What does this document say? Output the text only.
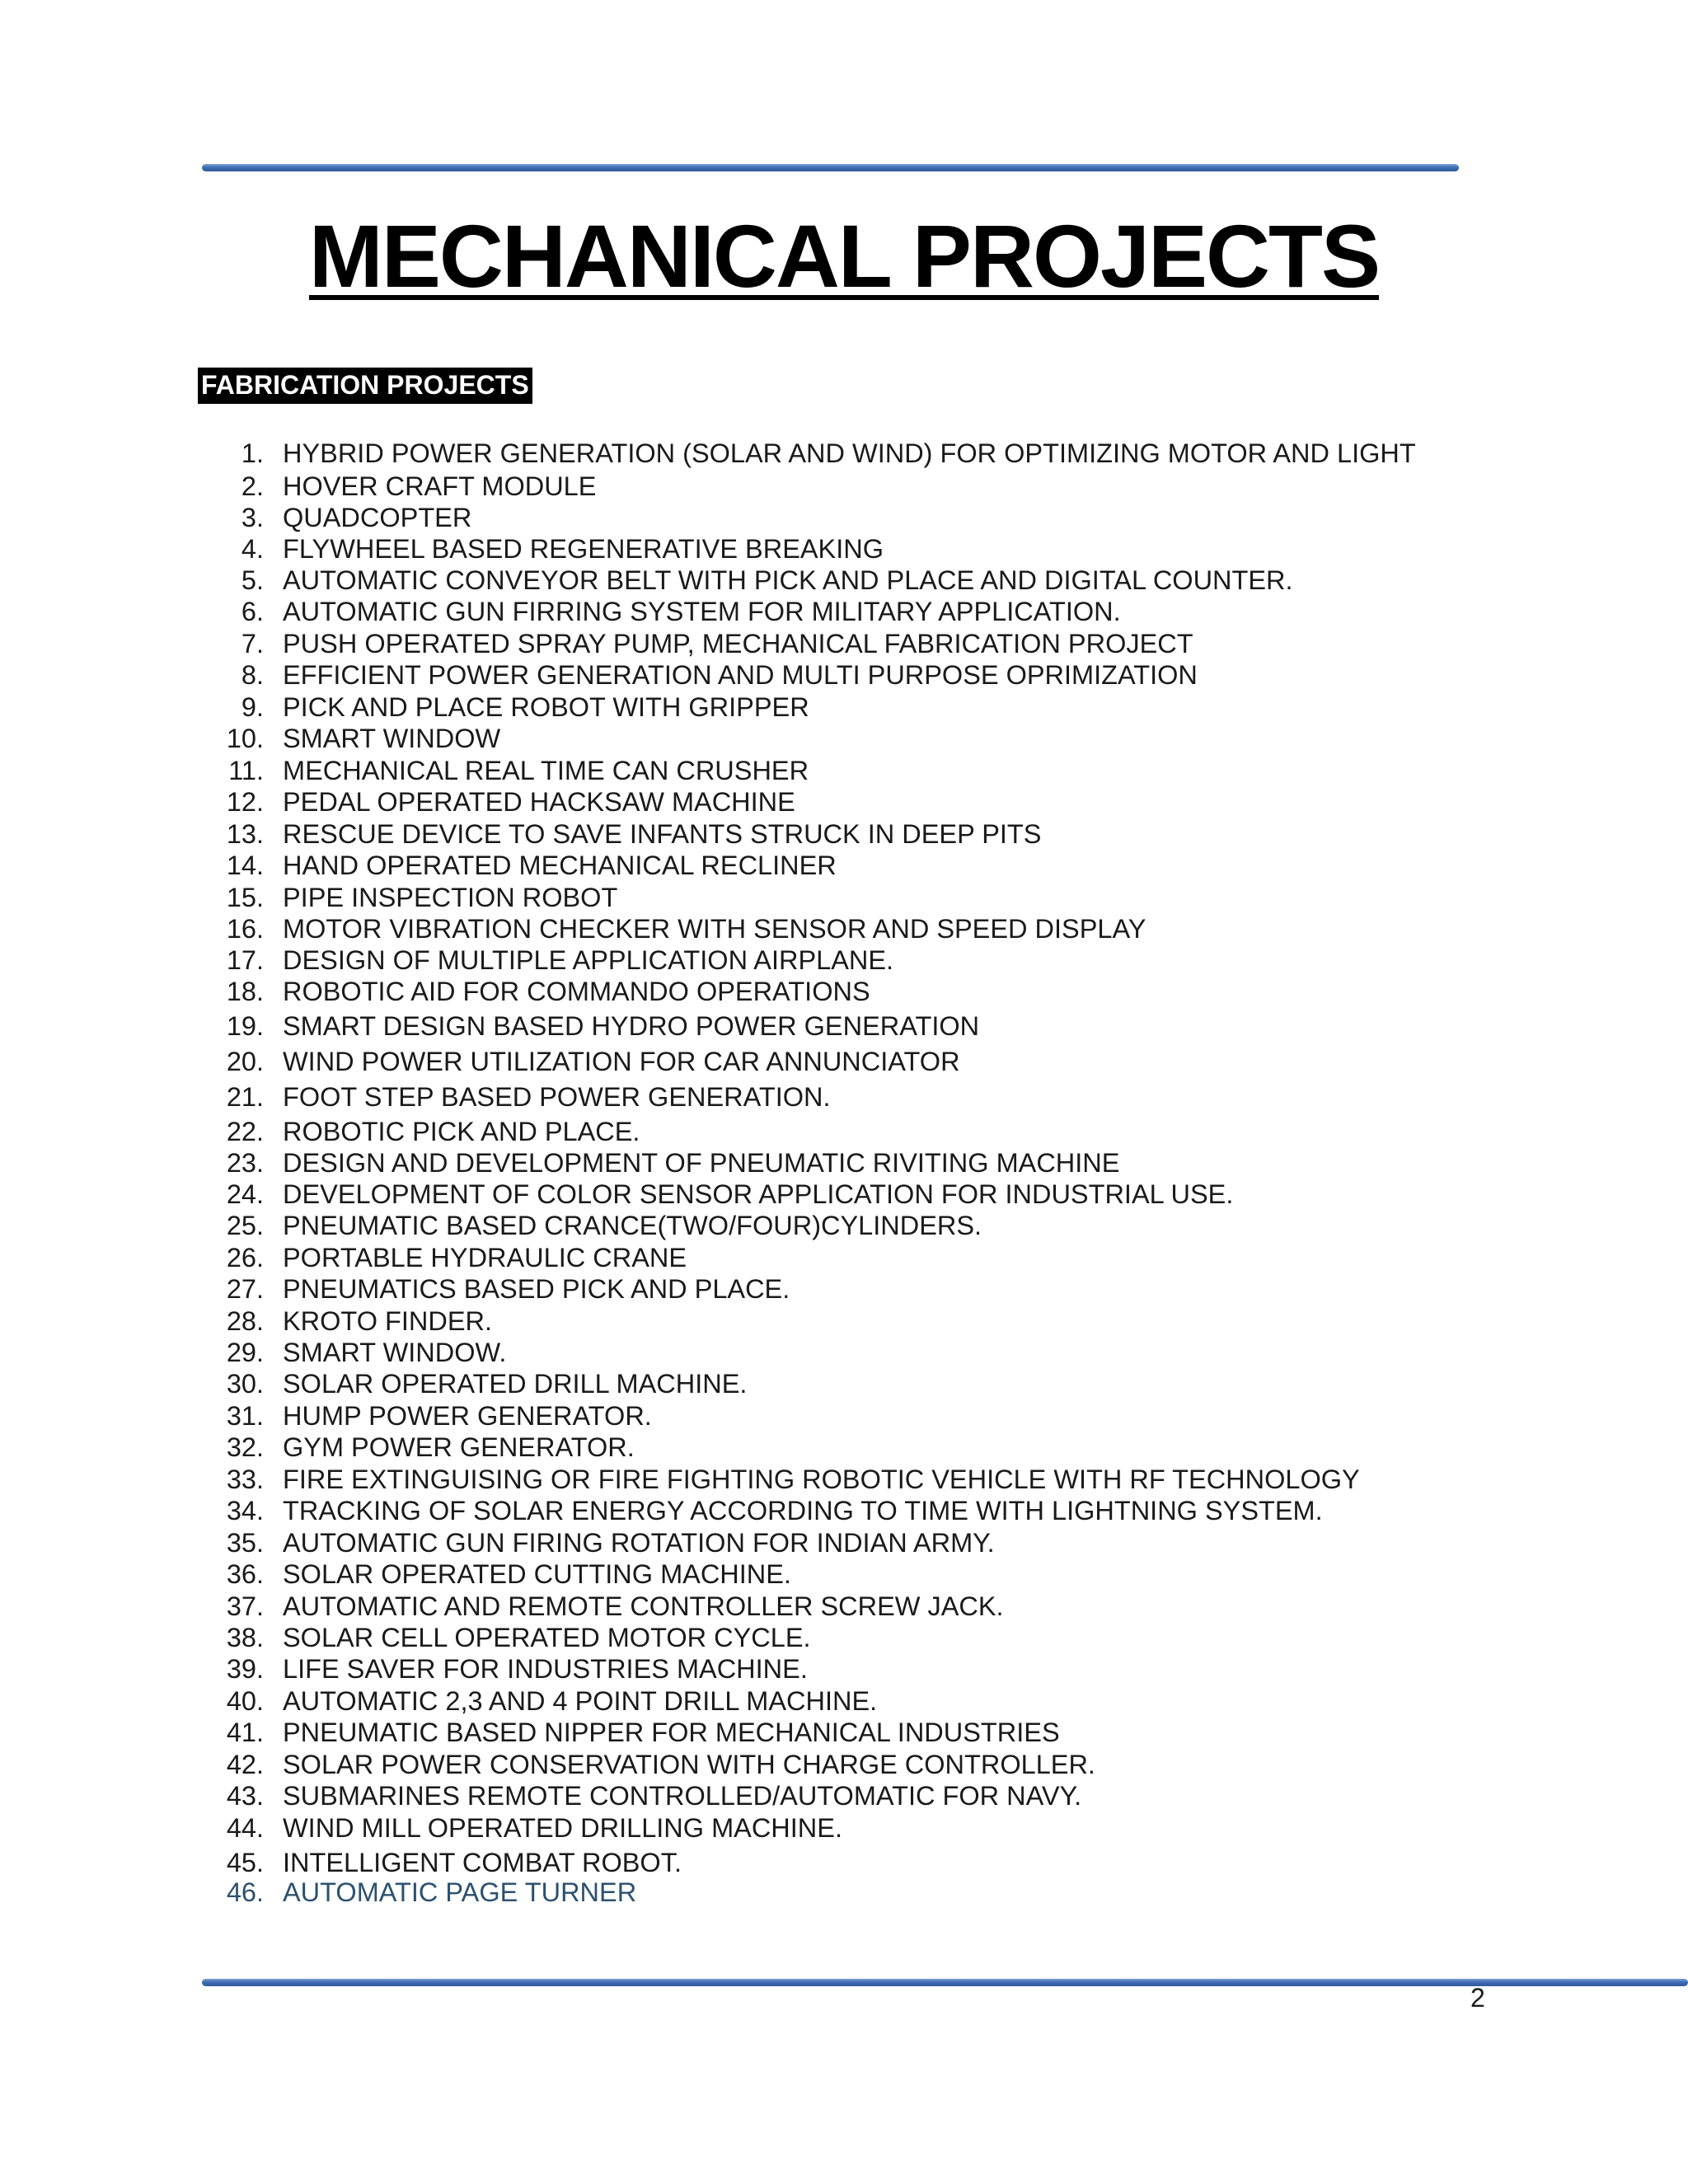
MECHANICAL PROJECTS
FABRICATION PROJECTS
1. HYBRID POWER GENERATION (SOLAR AND WIND) FOR OPTIMIZING MOTOR AND LIGHT
2. HOVER CRAFT MODULE
3. QUADCOPTER
4. FLYWHEEL BASED REGENERATIVE BREAKING
5. AUTOMATIC CONVEYOR BELT WITH PICK AND PLACE AND DIGITAL COUNTER.
6. AUTOMATIC GUN FIRRING SYSTEM FOR MILITARY APPLICATION.
7. PUSH OPERATED SPRAY PUMP, MECHANICAL FABRICATION PROJECT
8. EFFICIENT POWER GENERATION AND MULTI PURPOSE OPRIMIZATION
9. PICK AND PLACE ROBOT WITH GRIPPER
10. SMART WINDOW
11. MECHANICAL REAL TIME CAN CRUSHER
12. PEDAL OPERATED HACKSAW MACHINE
13. RESCUE DEVICE TO SAVE INFANTS STRUCK IN DEEP PITS
14. HAND OPERATED MECHANICAL RECLINER
15. PIPE INSPECTION ROBOT
16. MOTOR VIBRATION CHECKER WITH SENSOR AND SPEED DISPLAY
17. DESIGN OF MULTIPLE APPLICATION AIRPLANE.
18. ROBOTIC AID FOR COMMANDO OPERATIONS
19. SMART DESIGN BASED HYDRO POWER GENERATION
20. WIND POWER UTILIZATION FOR CAR ANNUNCIATOR
21. FOOT STEP BASED POWER GENERATION.
22. ROBOTIC PICK AND PLACE.
23. DESIGN AND DEVELOPMENT OF PNEUMATIC RIVITING MACHINE
24. DEVELOPMENT OF COLOR SENSOR APPLICATION FOR INDUSTRIAL USE.
25. PNEUMATIC BASED CRANCE(TWO/FOUR)CYLINDERS.
26. PORTABLE HYDRAULIC CRANE
27. PNEUMATICS BASED PICK AND PLACE.
28. KROTO FINDER.
29. SMART WINDOW.
30. SOLAR OPERATED DRILL MACHINE.
31. HUMP POWER GENERATOR.
32. GYM POWER GENERATOR.
33. FIRE EXTINGUISING OR FIRE FIGHTING ROBOTIC VEHICLE WITH RF TECHNOLOGY
34. TRACKING OF SOLAR ENERGY ACCORDING TO TIME WITH LIGHTNING SYSTEM.
35. AUTOMATIC GUN FIRING ROTATION FOR INDIAN ARMY.
36. SOLAR OPERATED CUTTING MACHINE.
37. AUTOMATIC AND REMOTE CONTROLLER SCREW JACK.
38. SOLAR CELL OPERATED MOTOR CYCLE.
39. LIFE SAVER FOR INDUSTRIES MACHINE.
40. AUTOMATIC 2,3 AND 4 POINT DRILL MACHINE.
41. PNEUMATIC BASED NIPPER FOR MECHANICAL INDUSTRIES
42. SOLAR POWER CONSERVATION WITH CHARGE CONTROLLER.
43. SUBMARINES REMOTE CONTROLLED/AUTOMATIC FOR NAVY.
44. WIND MILL OPERATED DRILLING MACHINE.
45. INTELLIGENT COMBAT ROBOT.
46. AUTOMATIC PAGE TURNER
2
